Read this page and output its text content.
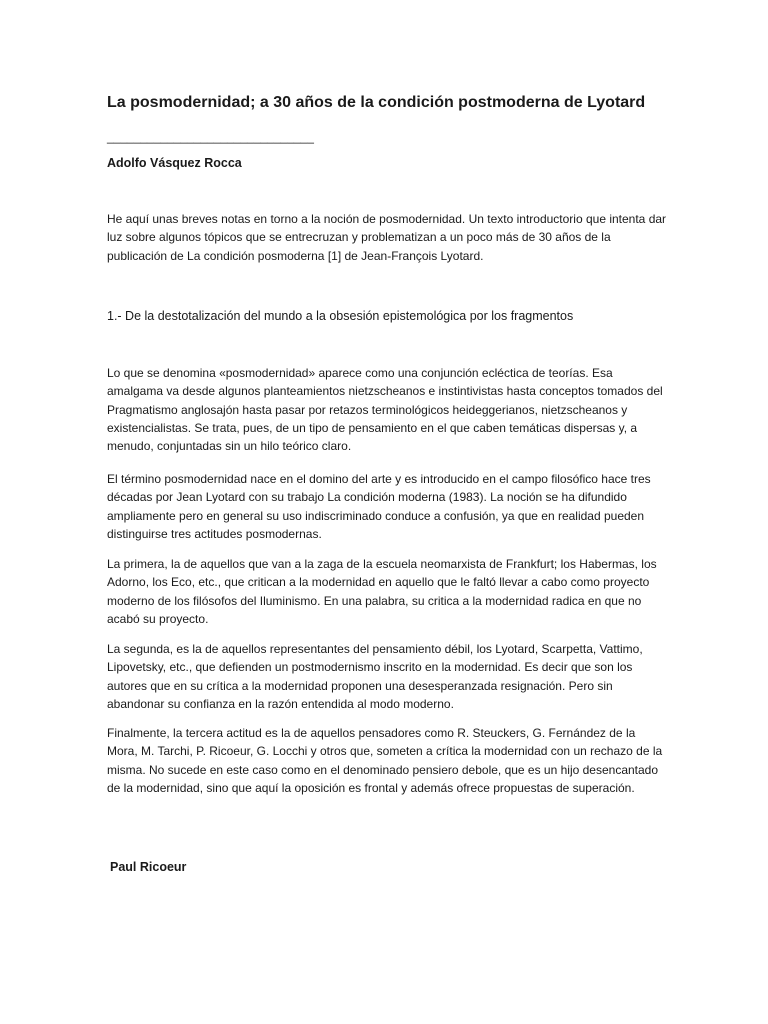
La posmodernidad; a 30 años de la condición postmoderna de Lyotard
_______________________________
Adolfo Vásquez Rocca
He aquí unas breves notas en torno a la noción de posmodernidad. Un texto introductorio que intenta dar luz sobre algunos tópicos que se entrecruzan y problematizan a un poco más de 30 años de la publicación de La condición posmoderna [1] de Jean-François Lyotard.
1.- De la destotalización del mundo a la obsesión epistemológica por los fragmentos
Lo que se denomina «posmodernidad» aparece como una conjunción ecléctica de teorías. Esa amalgama va desde algunos planteamientos nietzscheanos e instintivistas hasta conceptos tomados del Pragmatismo anglosajón hasta pasar por retazos terminológicos heideggerianos, nietzscheanos y existencialistas. Se trata, pues, de un tipo de pensamiento en el que caben temáticas dispersas y, a menudo, conjuntadas sin un hilo teórico claro.
El término posmodernidad nace en el domino del arte y es introducido en el campo filosófico hace tres décadas por Jean Lyotard con su trabajo La condición moderna (1983). La noción se ha difundido ampliamente pero en general su uso indiscriminado conduce a confusión, ya que en realidad pueden distinguirse tres actitudes posmodernas.
La primera, la de aquellos que van a la zaga de la escuela neomarxista de Frankfurt; los Habermas, los Adorno, los Eco, etc., que critican a la modernidad en aquello que le faltó llevar a cabo como proyecto moderno de los filósofos del Iluminismo. En una palabra, su critica a la modernidad radica en que no acabó su proyecto.
La segunda, es la de aquellos representantes del pensamiento débil, los Lyotard, Scarpetta, Vattimo, Lipovetsky, etc., que defienden un postmodernismo inscrito en la modernidad. Es decir que son los autores que en su crítica a la modernidad proponen una desesperanzada resignación. Pero sin abandonar su confianza en la razón entendida al modo moderno.
Finalmente, la tercera actitud es la de aquellos pensadores como R. Steuckers, G. Fernández de la Mora, M. Tarchi, P. Ricoeur, G. Locchi y otros que, someten a crítica la modernidad con un rechazo de la misma. No sucede en este caso como en el denominado pensiero debole, que es un hijo desencantado de la modernidad, sino que aquí la oposición es frontal y además ofrece propuestas de superación.
Paul Ricoeur
